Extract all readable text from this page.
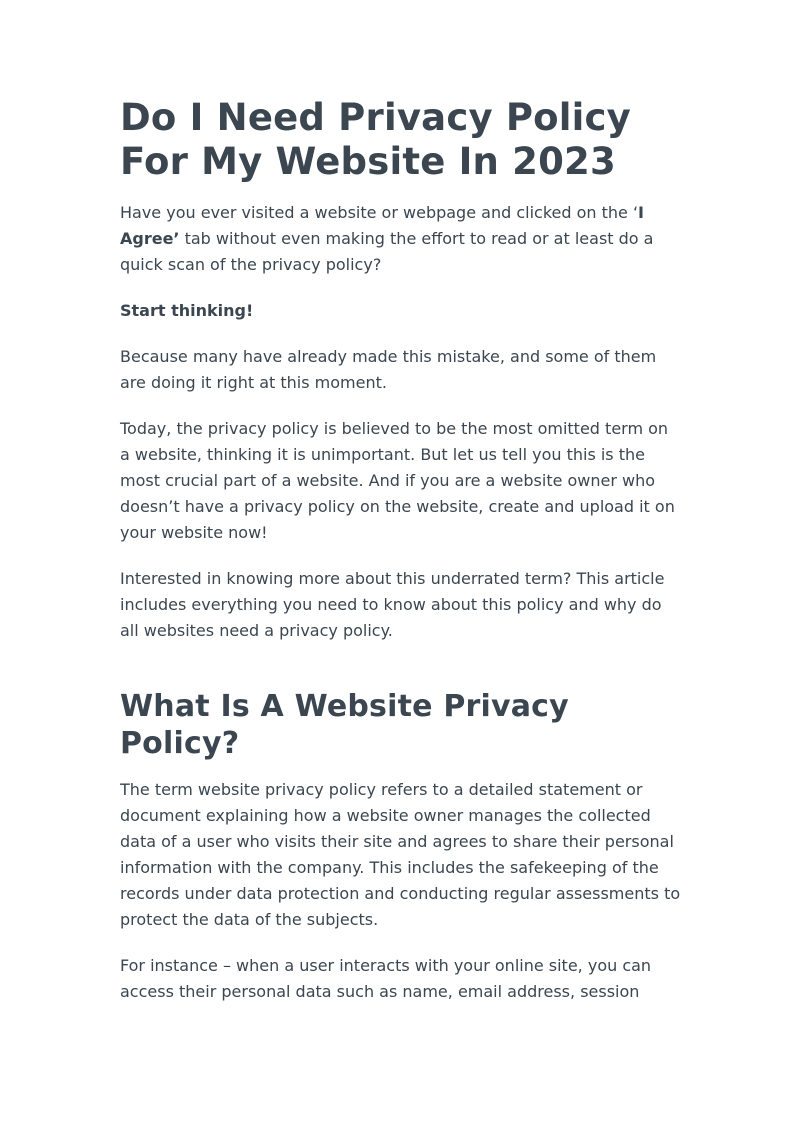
Do I Need Privacy Policy For My Website In 2023

Have you ever visited a website or webpage and clicked on the ‘I Agree’ tab without even making the effort to read or at least do a quick scan of the privacy policy?

Start thinking!

Because many have already made this mistake, and some of them are doing it right at this moment.

Today, the privacy policy is believed to be the most omitted term on a website, thinking it is unimportant. But let us tell you this is the most crucial part of a website. And if you are a website owner who doesn’t have a privacy policy on the website, create and upload it on your website now!

Interested in knowing more about this underrated term? This article includes everything you need to know about this policy and why do all websites need a privacy policy.

What Is A Website Privacy Policy?

The term website privacy policy refers to a detailed statement or document explaining how a website owner manages the collected data of a user who visits their site and agrees to share their personal information with the company. This includes the safekeeping of the records under data protection and conducting regular assessments to protect the data of the subjects.

For instance – when a user interacts with your online site, you can access their personal data such as name, email address, session
